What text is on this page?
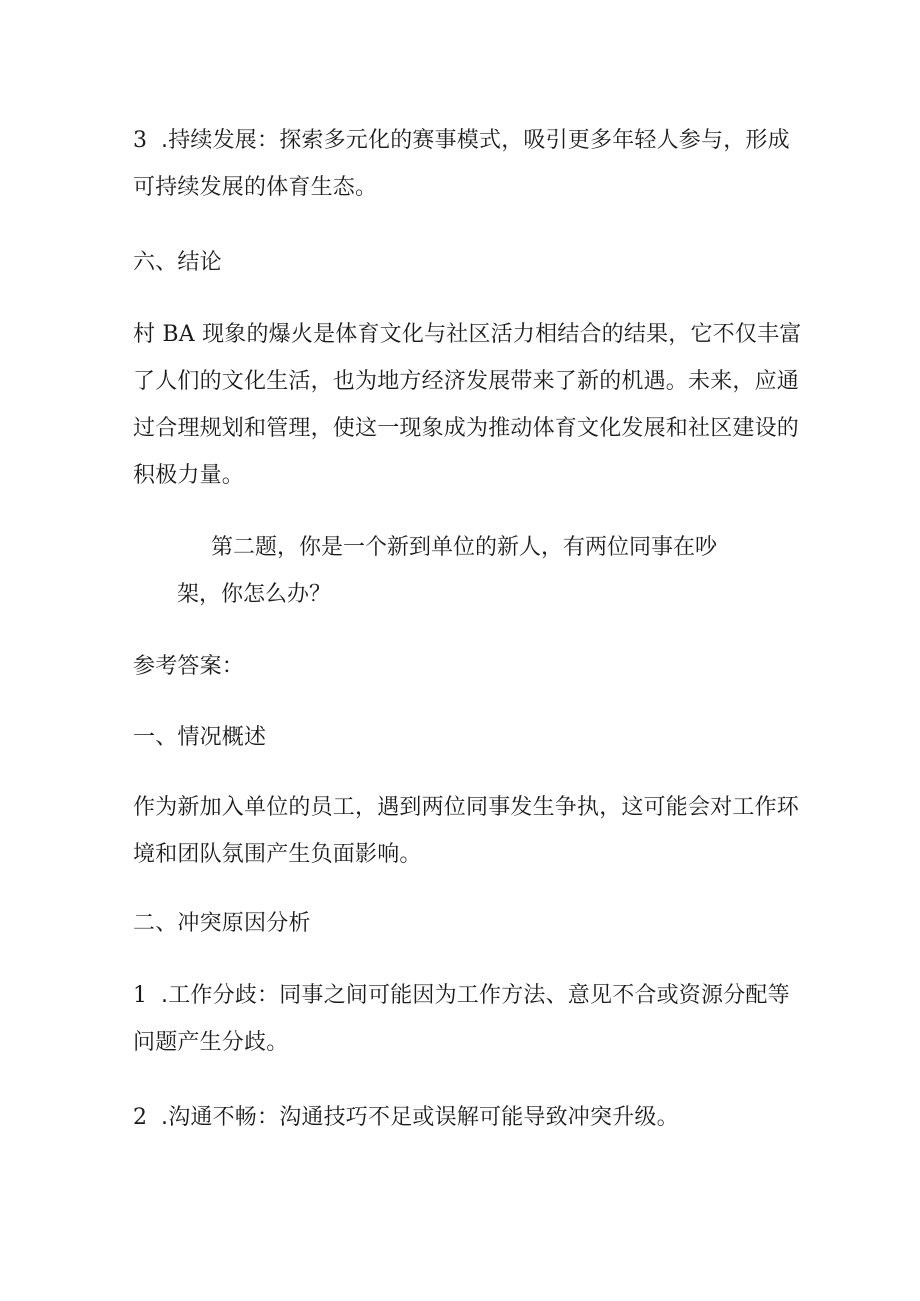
3 .持续发展：探索多元化的赛事模式，吸引更多年轻人参与，形成
可持续发展的体育生态。

六、结论

村 BA 现象的爆火是体育文化与社区活力相结合的结果，它不仅丰富
了人们的文化生活，也为地方经济发展带来了新的机遇。未来，应通
过合理规划和管理，使这一现象成为推动体育文化发展和社区建设的
积极力量。

第二题，你是一个新到单位的新人，有两位同事在吵
架，你怎么办？

参考答案：

一、情况概述

作为新加入单位的员工，遇到两位同事发生争执，这可能会对工作环
境和团队氛围产生负面影响。

二、冲突原因分析

1 .工作分歧：同事之间可能因为工作方法、意见不合或资源分配等
问题产生分歧。

2 .沟通不畅：沟通技巧不足或误解可能导致冲突升级。
